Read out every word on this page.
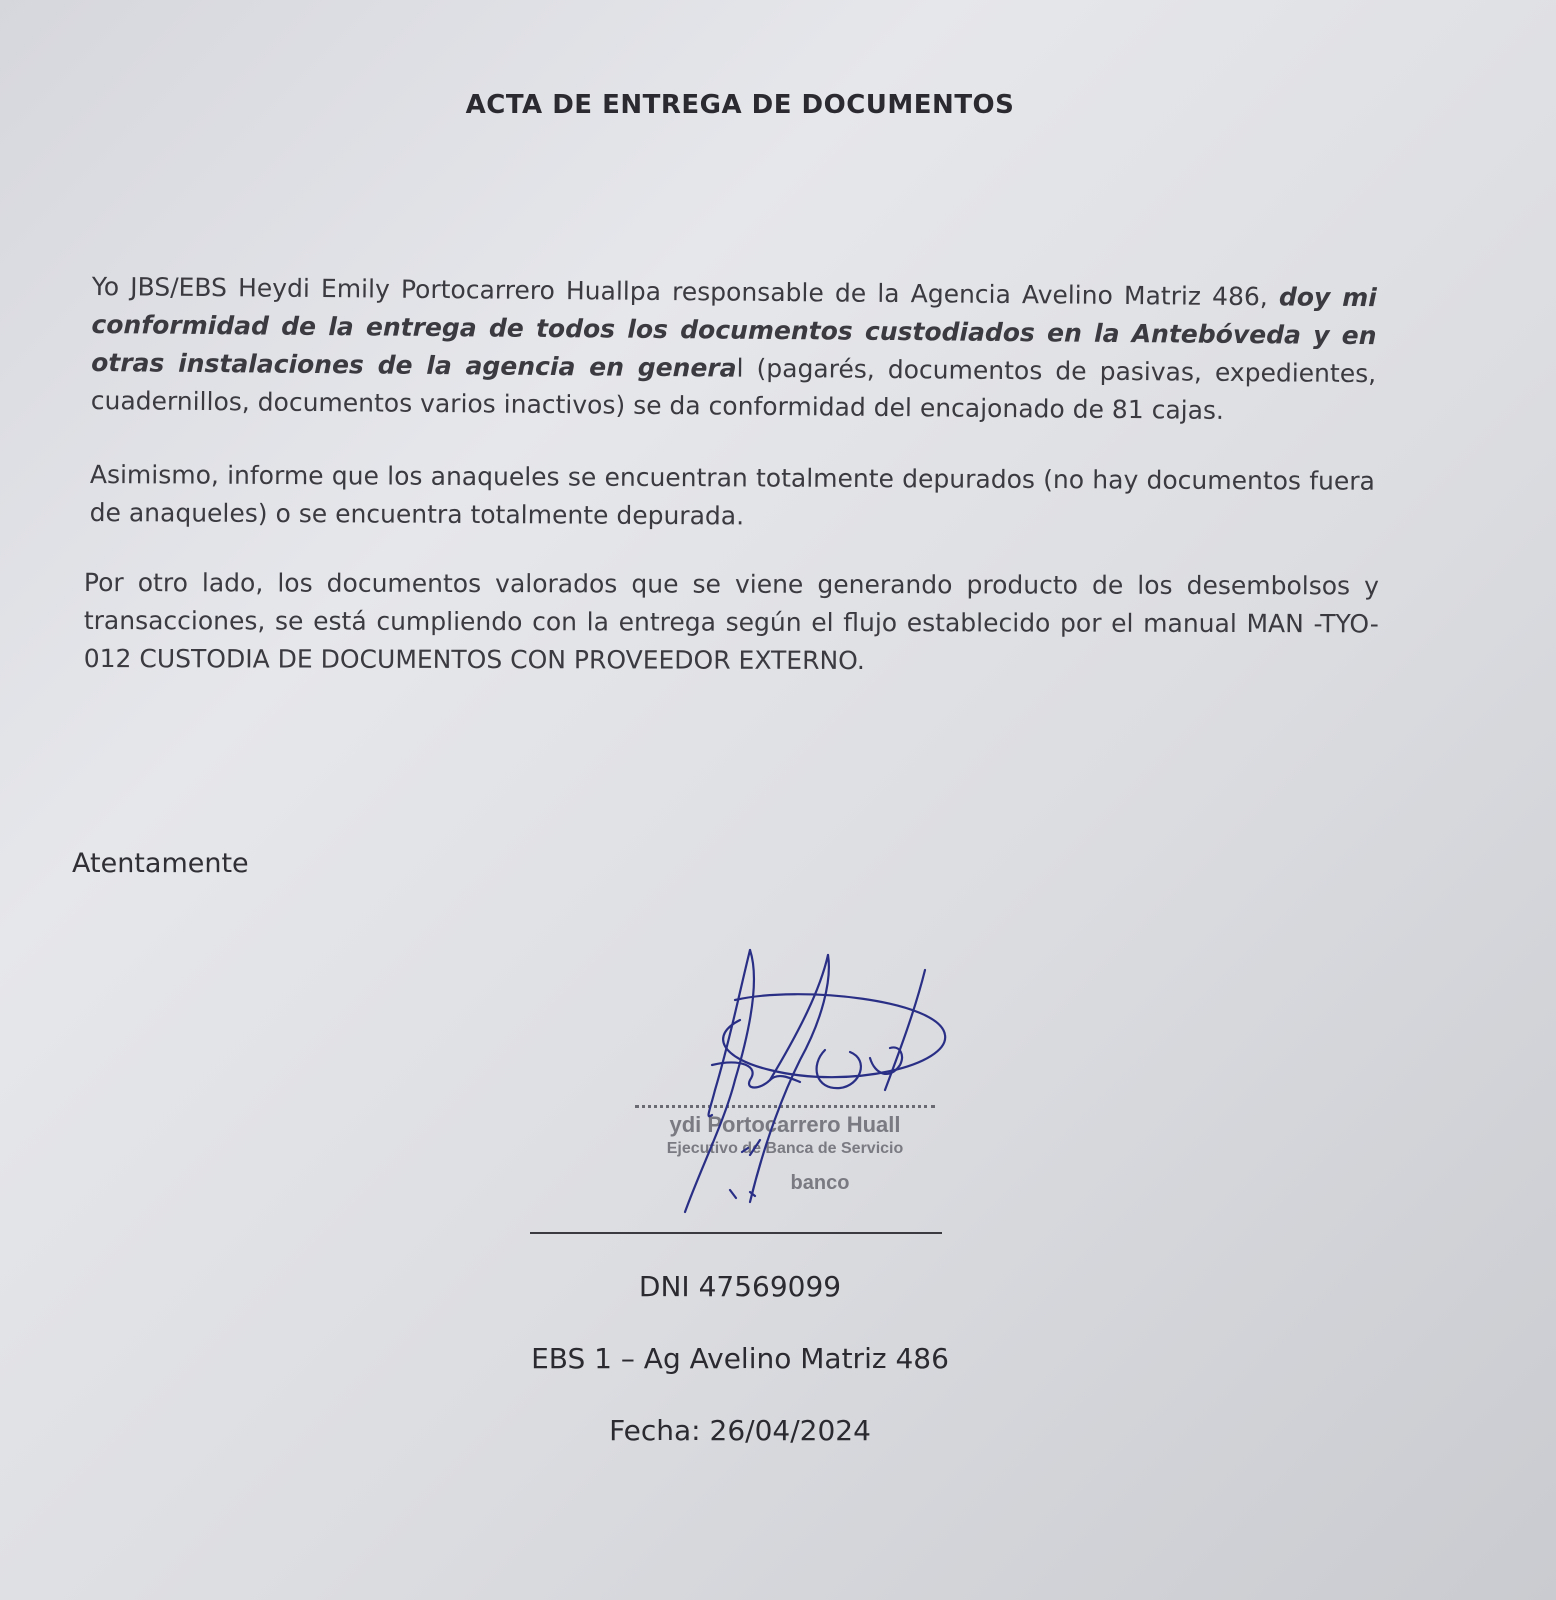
ACTA DE ENTREGA DE DOCUMENTOS
Yo JBS/EBS Heydi Emily Portocarrero Huallpa responsable de la Agencia Avelino Matriz 486, doy mi conformidad de la entrega de todos los documentos custodiados en la Antebóveda y en otras instalaciones de la agencia en general (pagarés, documentos de pasivas, expedientes, cuadernillos, documentos varios inactivos) se da conformidad del encajonado de 81 cajas.
Asimismo, informe que los anaqueles se encuentran totalmente depurados (no hay documentos fuera de anaqueles) o se encuentra totalmente depurada.
Por otro lado, los documentos valorados que se viene generando producto de los desembolsos y transacciones, se está cumpliendo con la entrega según el flujo establecido por el manual MAN -TYO- 012 CUSTODIA DE DOCUMENTOS CON PROVEEDOR EXTERNO.
Atentamente
ydi Portocarrero Huall
Ejecutivo de Banca de Servicio
banco
DNI 47569099
EBS 1 – Ag Avelino Matriz 486
Fecha: 26/04/2024
